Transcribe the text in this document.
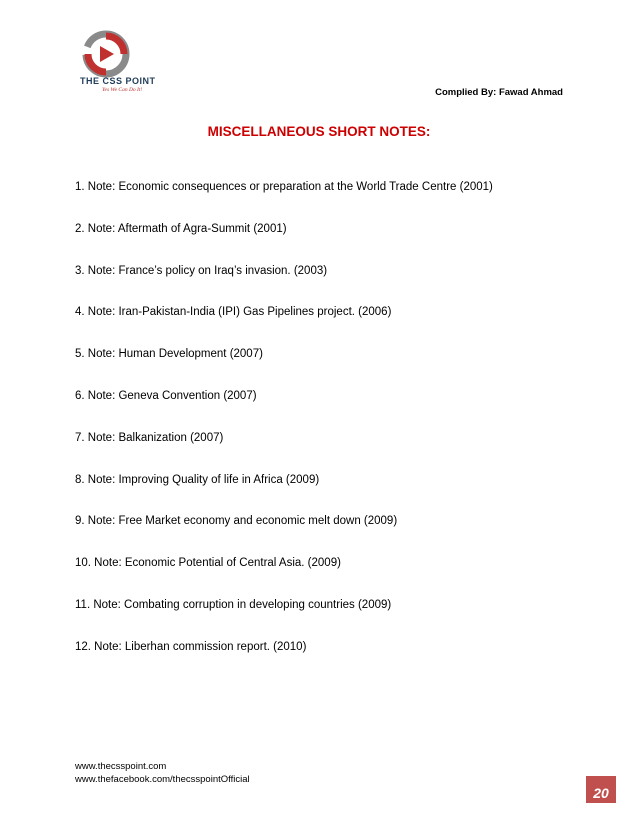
THE CSS POINT
Yes We Can Do It!	Complied By: Fawad Ahmad
MISCELLANEOUS SHORT NOTES:
1. Note: Economic consequences or preparation at the World Trade Centre (2001)
2. Note: Aftermath of Agra-Summit (2001)
3. Note: France’s policy on Iraq’s invasion. (2003)
4. Note: Iran-Pakistan-India (IPI) Gas Pipelines project. (2006)
5. Note: Human Development (2007)
6. Note: Geneva Convention (2007)
7. Note: Balkanization (2007)
8. Note: Improving Quality of life in Africa (2009)
9. Note: Free Market economy and economic melt down (2009)
10. Note: Economic Potential of Central Asia. (2009)
11. Note: Combating corruption in developing countries (2009)
12. Note: Liberhan commission report. (2010)
www.thecsspoint.com
www.thefacebook.com/thecsspointOfficial
20
